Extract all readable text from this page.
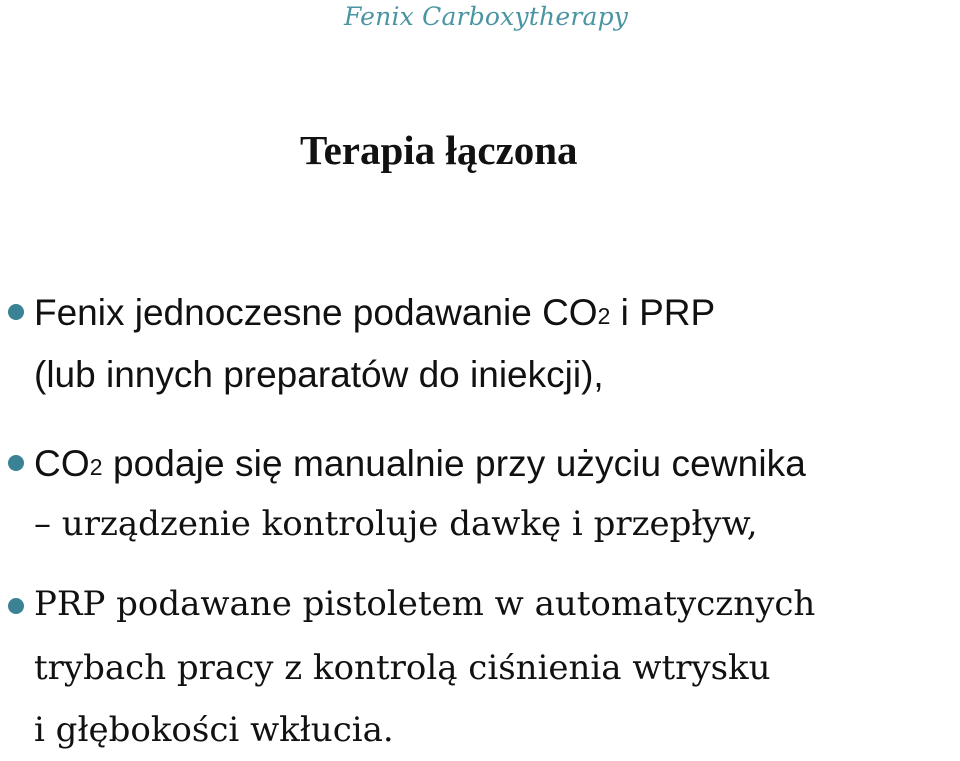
Fenix Carboxytherapy
Terapia łączona
Fenix jednoczesne podawanie CO2 i PRP
(lub innych preparatów do iniekcji),
CO2 podaje się manualnie przy użyciu cewnika
– urządzenie kontroluje dawkę i przepływ,
PRP podawane pistoletem w automatycznych
trybach pracy z kontrolą ciśnienia wtrysku
i głębokości wkłucia.
